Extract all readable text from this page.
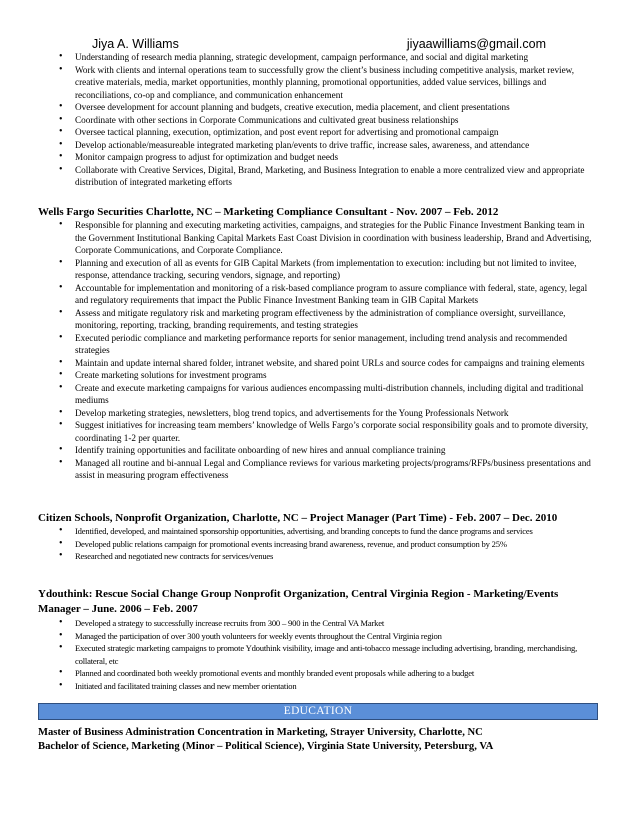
Jiya A. Williams	jiyaawilliams@gmail.com
• Understanding of research media planning, strategic development, campaign performance, and social and digital marketing
• Work with clients and internal operations team to successfully grow the client’s business including competitive analysis, market review, creative materials, media, market opportunities, monthly planning, promotional opportunities, added value services, billings and reconciliations, co-op and compliance, and communication enhancement
• Oversee development for account planning and budgets, creative execution, media placement, and client presentations
• Coordinate with other sections in Corporate Communications and cultivated great business relationships
• Oversee tactical planning, execution, optimization, and post event report for advertising and promotional campaign
• Develop actionable/measureable integrated marketing plan/events to drive traffic, increase sales, awareness, and attendance
• Monitor campaign progress to adjust for optimization and budget needs
• Collaborate with Creative Services, Digital, Brand, Marketing, and Business Integration to enable a more centralized view and appropriate distribution of integrated marketing efforts
Wells Fargo Securities Charlotte, NC – Marketing Compliance Consultant - Nov. 2007 – Feb. 2012
• Responsible for planning and executing marketing activities, campaigns, and strategies for the Public Finance Investment Banking team in the Government Institutional Banking Capital Markets East Coast Division in coordination with business leadership, Brand and Advertising, Corporate Communications, and Corporate Compliance.
• Planning and execution of all as events for GIB Capital Markets (from implementation to execution: including but not limited to invitee, response, attendance tracking, securing vendors, signage, and reporting)
• Accountable for implementation and monitoring of a risk-based compliance program to assure compliance with federal, state, agency, legal and regulatory requirements that impact the Public Finance Investment Banking team in GIB Capital Markets
• Assess and mitigate regulatory risk and marketing program effectiveness by the administration of compliance oversight, surveillance, monitoring, reporting, tracking, branding requirements, and testing strategies
• Executed periodic compliance and marketing performance reports for senior management, including trend analysis and recommended strategies
• Maintain and update internal shared folder, intranet website, and shared point URLs and source codes for campaigns and training elements
• Create marketing solutions for investment programs
• Create and execute marketing campaigns for various audiences encompassing multi-distribution channels, including digital and traditional mediums
• Develop marketing strategies, newsletters, blog trend topics, and advertisements for the Young Professionals Network
• Suggest initiatives for increasing team members’ knowledge of Wells Fargo’s corporate social responsibility goals and to promote diversity, coordinating 1-2 per quarter.
• Identify training opportunities and facilitate onboarding of new hires and annual compliance training
• Managed all routine and bi-annual Legal and Compliance reviews for various marketing projects/programs/RFPs/business presentations and assist in measuring program effectiveness
Citizen Schools, Nonprofit Organization, Charlotte, NC – Project Manager (Part Time) - Feb. 2007 – Dec. 2010
• Identified, developed, and maintained sponsorship opportunities, advertising, and branding concepts to fund the dance programs and services
• Developed public relations campaign for promotional events increasing brand awareness, revenue, and product consumption by 25%
• Researched and negotiated new contracts for services/venues
Ydouthink: Rescue Social Change Group Nonprofit Organization, Central Virginia Region - Marketing/Events
Manager – June. 2006 – Feb. 2007
• Developed a strategy to successfully increase recruits from 300 – 900 in the Central VA Market
• Managed the participation of over 300 youth volunteers for weekly events throughout the Central Virginia region
• Executed strategic marketing campaigns to promote Ydouthink visibility, image and anti-tobacco message including advertising, branding, merchandising, collateral, etc
• Planned and coordinated both weekly promotional events and monthly branded event proposals while adhering to a budget
• Initiated and facilitated training classes and new member orientation
EDUCATION
Master of Business Administration Concentration in Marketing, Strayer University, Charlotte, NC
Bachelor of Science, Marketing (Minor – Political Science), Virginia State University, Petersburg, VA
